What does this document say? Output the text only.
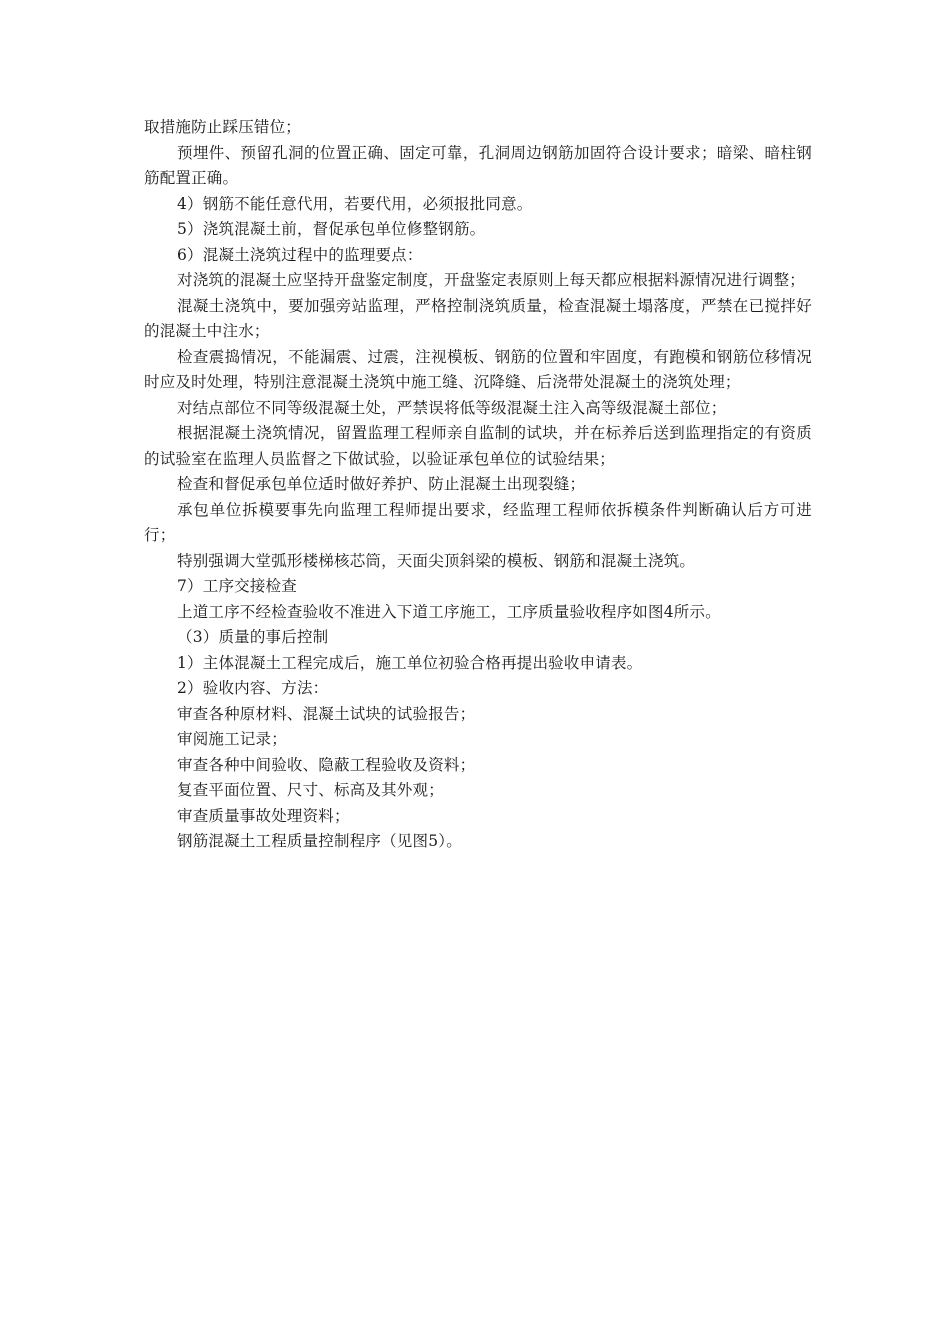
取措施防止踩压错位；

预埋件、预留孔洞的位置正确、固定可靠，孔洞周边钢筋加固符合设计要求；暗梁、暗柱钢筋配置正确。

4）钢筋不能任意代用，若要代用，必须报批同意。

5）浇筑混凝土前，督促承包单位修整钢筋。

6）混凝土浇筑过程中的监理要点：

对浇筑的混凝土应坚持开盘鉴定制度，开盘鉴定表原则上每天都应根据料源情况进行调整；

混凝土浇筑中，要加强旁站监理，严格控制浇筑质量，检查混凝土塌落度，严禁在已搅拌好的混凝土中注水；

检查震捣情况，不能漏震、过震，注视模板、钢筋的位置和牢固度，有跑模和钢筋位移情况时应及时处理，特别注意混凝土浇筑中施工缝、沉降缝、后浇带处混凝土的浇筑处理；

对结点部位不同等级混凝土处，严禁误将低等级混凝土注入高等级混凝土部位；

根据混凝土浇筑情况，留置监理工程师亲自监制的试块，并在标养后送到监理指定的有资质的试验室在监理人员监督之下做试验，以验证承包单位的试验结果；

检查和督促承包单位适时做好养护、防止混凝土出现裂缝；

承包单位拆模要事先向监理工程师提出要求，经监理工程师依拆模条件判断确认后方可进行；

特别强调大堂弧形楼梯核芯筒，天面尖顶斜梁的模板、钢筋和混凝土浇筑。

7）工序交接检查

上道工序不经检查验收不准进入下道工序施工，工序质量验收程序如图4所示。

（3）质量的事后控制

1）主体混凝土工程完成后，施工单位初验合格再提出验收申请表。

2）验收内容、方法：

审查各种原材料、混凝土试块的试验报告；

审阅施工记录；

审查各种中间验收、隐蔽工程验收及资料；

复查平面位置、尺寸、标高及其外观；

审查质量事故处理资料；

钢筋混凝土工程质量控制程序（见图5）。
